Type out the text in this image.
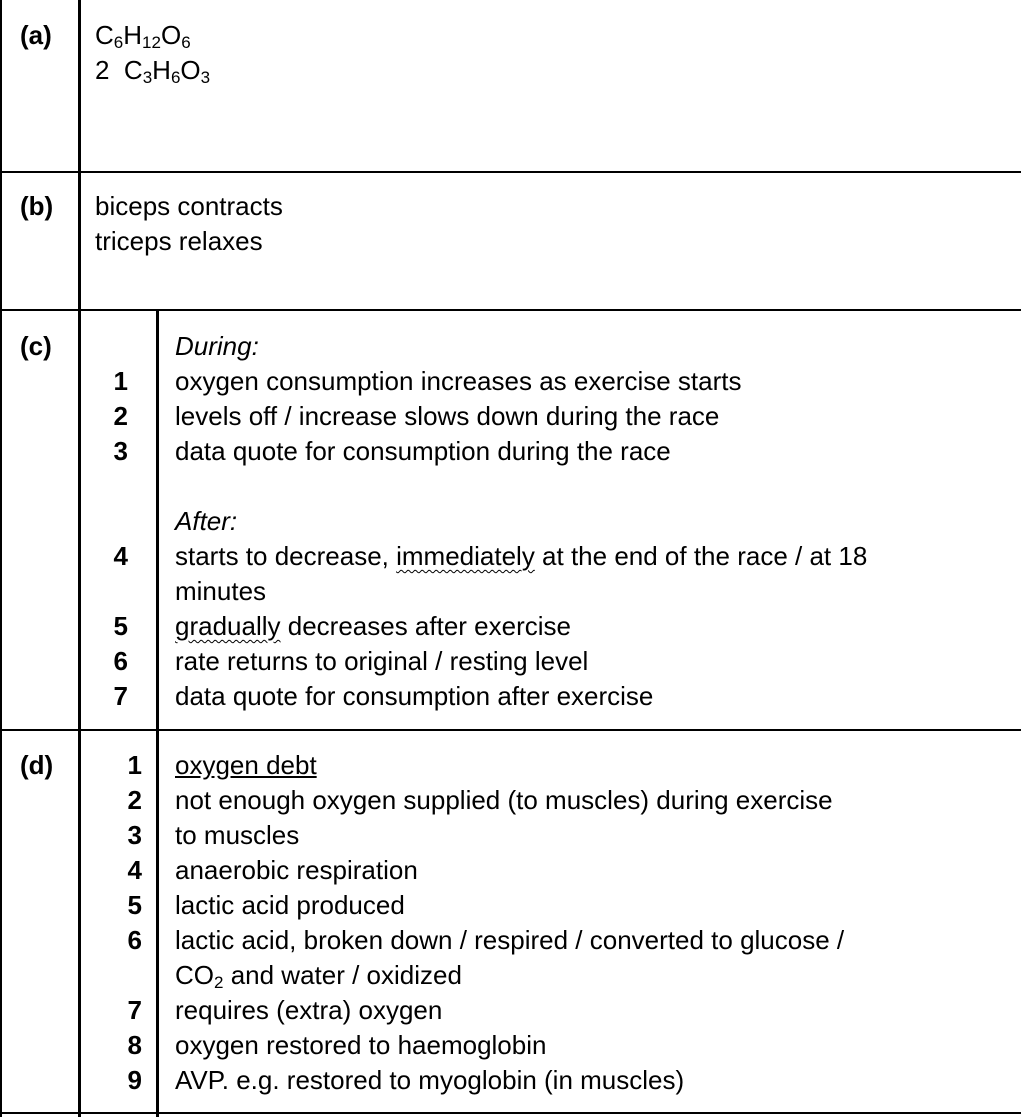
(a) $C_6H_{12}O_6$
2 $C_3H_6O_3$
(b) biceps contracts
triceps relaxes
(c)	During:
1 oxygen consumption increases as exercise starts
2 levels off / increase slows down during the race
3 data quote for consumption during the race
After:
4 starts to decrease, immediately at the end of the race / at 18
minutes
5 gradually decreases after exercise
6 rate returns to original / resting level
7 data quote for consumption after exercise
(d)	1 oxygen debt
2 not enough oxygen supplied (to muscles) during exercise
3 to muscles
4 anaerobic respiration
5 lactic acid produced
6 lactic acid, broken down / respired / converted to glucose /
$CO_2$ and water / oxidized
7 requires (extra) oxygen
8 oxygen restored to haemoglobin
9 AVP. e.g. restored to myoglobin (in muscles)
